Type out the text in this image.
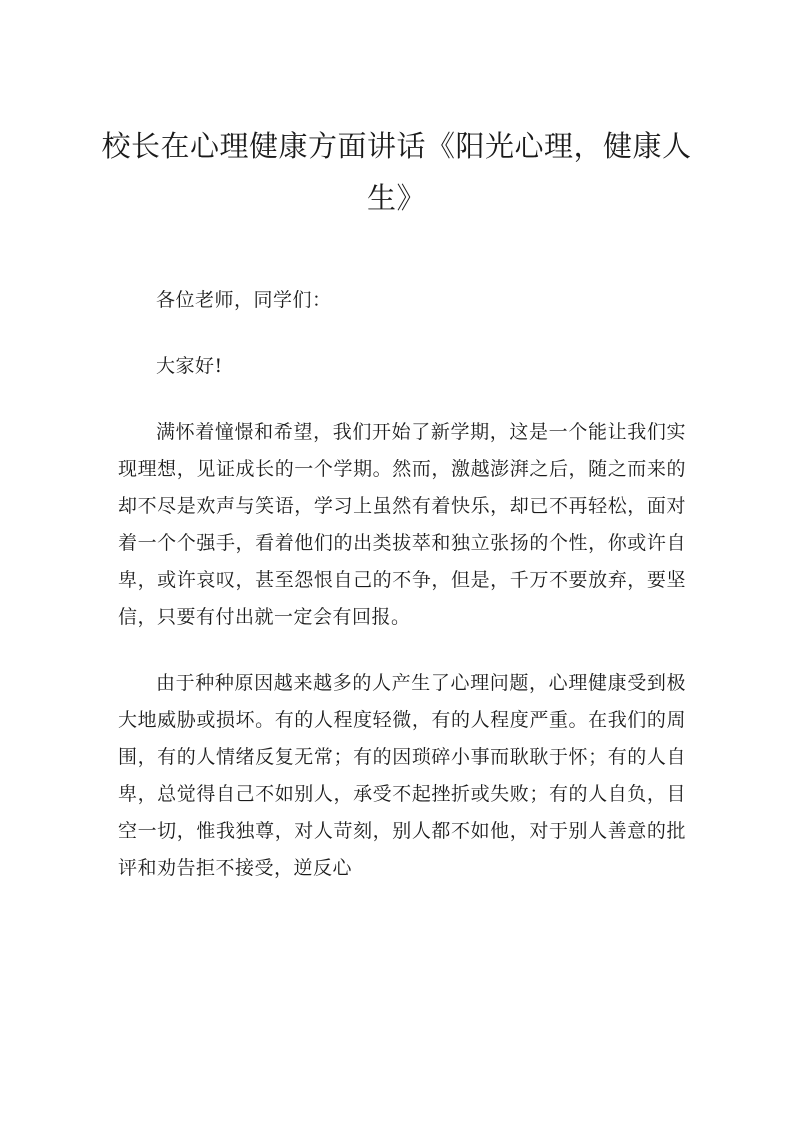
校长在心理健康方面讲话《阳光心理，健康人生》

各位老师，同学们：

大家好!

满怀着憧憬和希望，我们开始了新学期，这是一个能让我们实现理想，见证成长的一个学期。然而，激越澎湃之后，随之而来的却不尽是欢声与笑语，学习上虽然有着快乐，却已不再轻松，面对着一个个强手，看着他们的出类拔萃和独立张扬的个性，你或许自卑，或许哀叹，甚至怨恨自己的不争，但是，千万不要放弃，要坚信，只要有付出就一定会有回报。

由于种种原因越来越多的人产生了心理问题，心理健康受到极大地威胁或损坏。有的人程度轻微，有的人程度严重。在我们的周围，有的人情绪反复无常；有的因琐碎小事而耿耿于怀；有的人自卑，总觉得自己不如别人，承受不起挫折或失败；有的人自负，目空一切，惟我独尊，对人苛刻，别人都不如他，对于别人善意的批评和劝告拒不接受，逆反心
